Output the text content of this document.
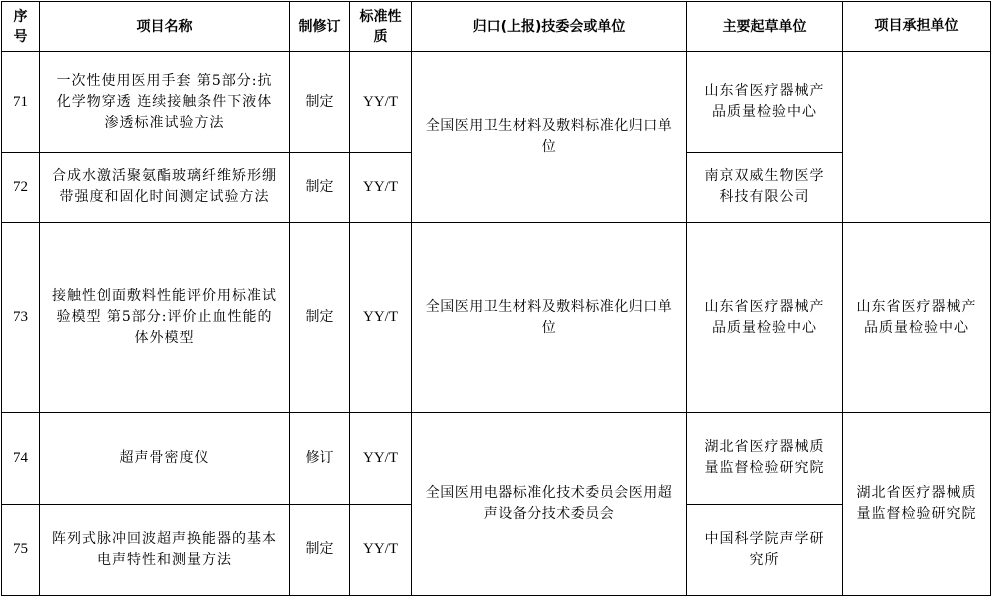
序号	项目名称	制修订	标准性质	归口(上报)技委会或单位	主要起草单位	项目承担单位
71	一次性使用医用手套 第5部分:抗化学物穿透 连续接触条件下液体渗透标准试验方法	制定	YY/T	全国医用卫生材料及敷料标准化归口单位	山东省医疗器械产品质量检验中心	
72	合成水激活聚氨酯玻璃纤维矫形绷带强度和固化时间测定试验方法	制定	YY/T		南京双威生物医学科技有限公司	
73	接触性创面敷料性能评价用标准试验模型 第5部分:评价止血性能的体外模型	制定	YY/T	全国医用卫生材料及敷料标准化归口单位	山东省医疗器械产品质量检验中心	山东省医疗器械产品质量检验中心
74	超声骨密度仪	修订	YY/T	全国医用电器标准化技术委员会医用超声设备分技术委员会	湖北省医疗器械质量监督检验研究院	湖北省医疗器械质量监督检验研究院
75	阵列式脉冲回波超声换能器的基本电声特性和测量方法	制定	YY/T		中国科学院声学研究所	
